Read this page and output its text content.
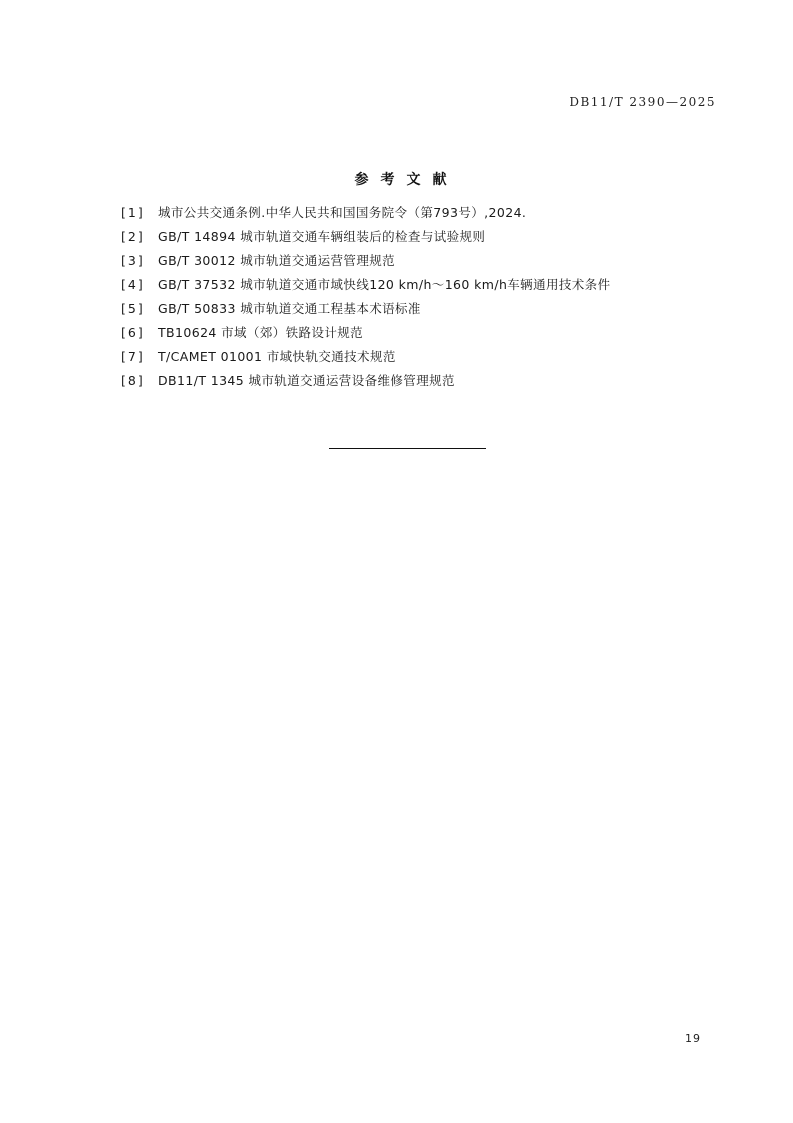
DB11/T 2390—2025
参考文献
[1]	城市公共交通条例.中华人民共和国国务院令（第793号）,2024.
[2]	GB/T 14894 城市轨道交通车辆组装后的检查与试验规则
[3]	GB/T 30012 城市轨道交通运营管理规范
[4]	GB/T 37532 城市轨道交通市域快线120 km/h～160 km/h车辆通用技术条件
[5]	GB/T 50833 城市轨道交通工程基本术语标准
[6]	TB10624 市域（郊）铁路设计规范
[7]	T/CAMET 01001 市域快轨交通技术规范
[8]	DB11/T 1345 城市轨道交通运营设备维修管理规范
19
